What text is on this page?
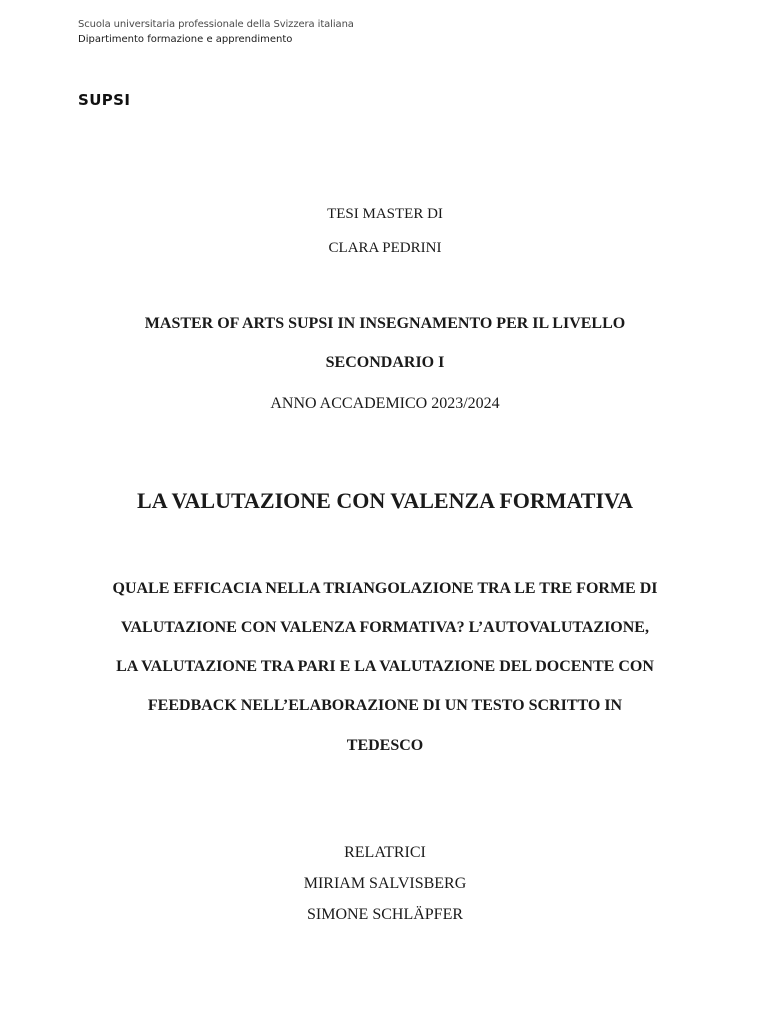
Scuola universitaria professionale della Svizzera italiana
Dipartimento formazione e apprendimento
SUPSI
TESI MASTER DI
CLARA PEDRINI
MASTER OF ARTS SUPSI IN INSEGNAMENTO PER IL LIVELLO
SECONDARIO I
ANNO ACCADEMICO 2023/2024
LA VALUTAZIONE CON VALENZA FORMATIVA
QUALE EFFICACIA NELLA TRIANGOLAZIONE TRA LE TRE FORME DI
VALUTAZIONE CON VALENZA FORMATIVA? L’AUTOVALUTAZIONE,
LA VALUTAZIONE TRA PARI E LA VALUTAZIONE DEL DOCENTE CON
FEEDBACK NELL’ELABORAZIONE DI UN TESTO SCRITTO IN
TEDESCO
RELATRICI
MIRIAM SALVISBERG
SIMONE SCHLÄPFER
